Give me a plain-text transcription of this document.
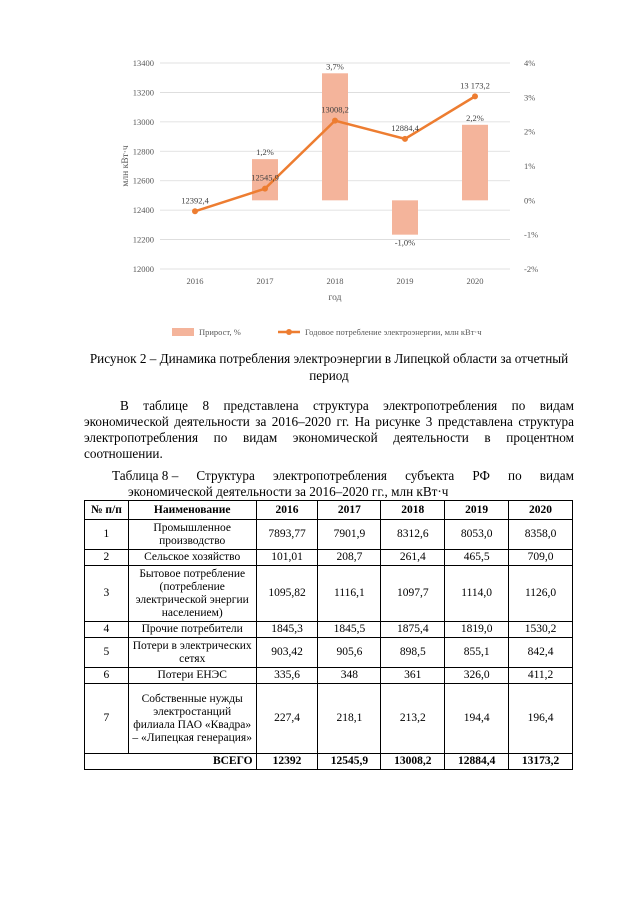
12000
12200
12400
12600
12800
13000
13200
13400
-2%
-1%
0%
1%
2%
3%
4%
1,2%
3,7%
-1,0%
2,2%
12392,4
12545,9
13008,2
12884,4
13 173,2
2016	2017	2018	2019	2020
год
млн кВт·ч
Прирост, %	Годовое потребление электроэнергии, млн кВт·ч
Рисунок 2 – Динамика потребления электроэнергии в Липецкой области за отчетный период
В таблице 8 представлена структура электропотребления по видам экономической деятельности за 2016–2020 гг. На рисунке 3 представлена структура электропотребления по видам экономической деятельности в процентном соотношении.
Таблица 8 – Структура электропотребления субъекта РФ по видам
экономической деятельности за 2016–2020 гг., млн кВт·ч
№ п/п	Наименование	2016	2017	2018	2019	2020
1	Промышленное производство	7893,77	7901,9	8312,6	8053,0	8358,0
2	Сельское хозяйство	101,01	208,7	261,4	465,5	709,0
3	Бытовое потребление (потребление электрической энергии населением)	1095,82	1116,1	1097,7	1114,0	1126,0
4	Прочие потребители	1845,3	1845,5	1875,4	1819,0	1530,2
5	Потери в электрических сетях	903,42	905,6	898,5	855,1	842,4
6	Потери ЕНЭС	335,6	348	361	326,0	411,2
7	Собственные нужды электростанций филиала ПАО «Квадра» – «Липецкая генерация»	227,4	218,1	213,2	194,4	196,4
ВСЕГО		12392	12545,9	13008,2	12884,4	13173,2
